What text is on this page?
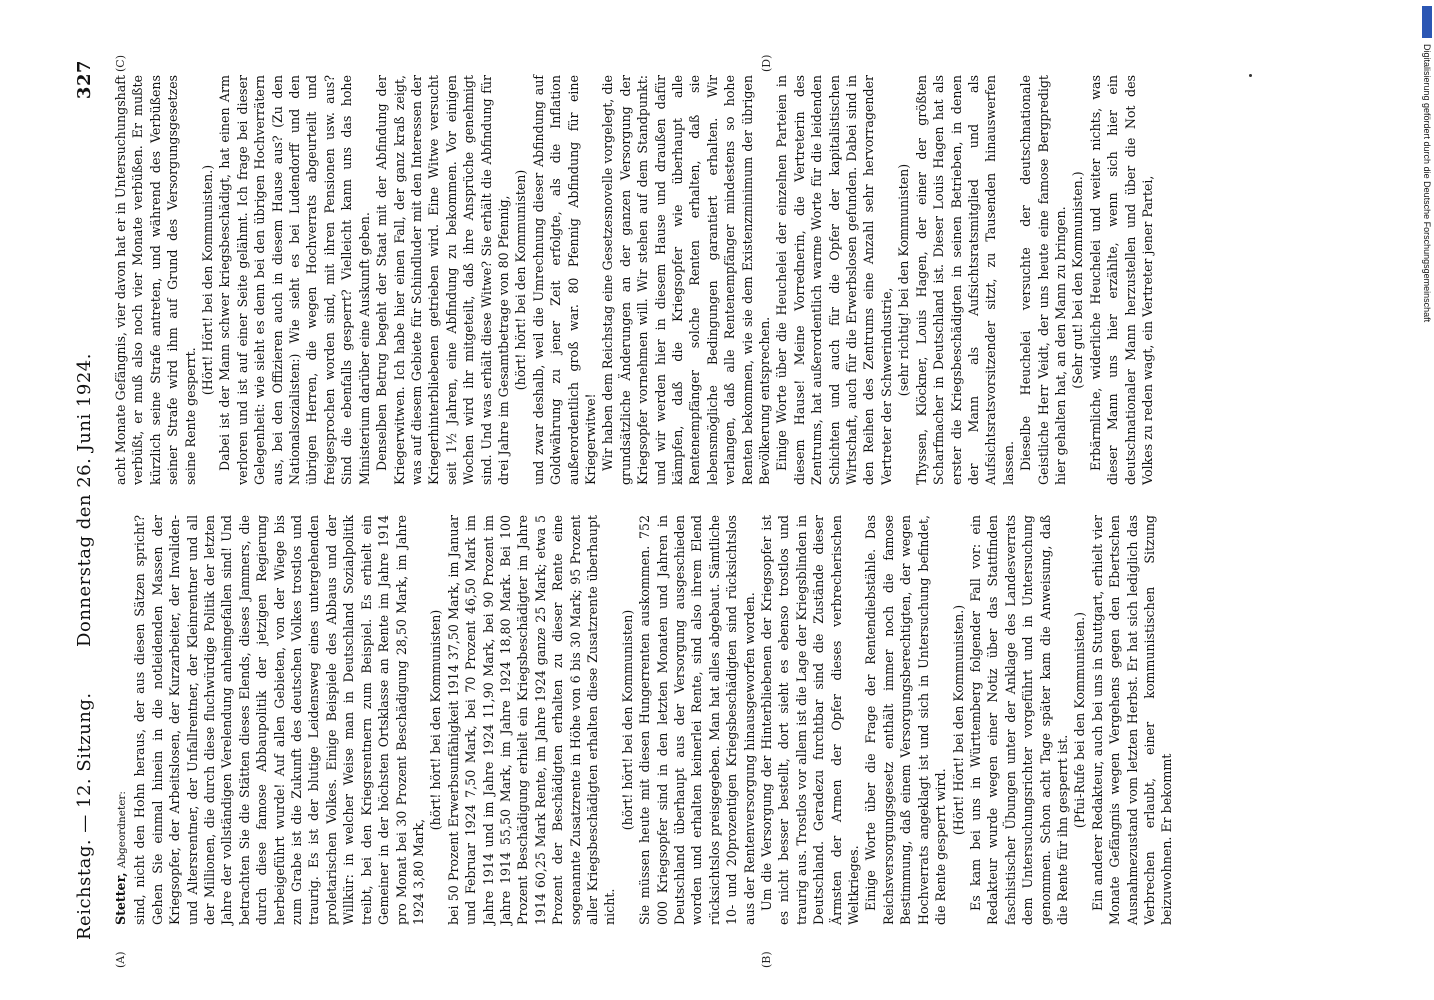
Reichstag. — 12. Sitzung.
Donnerstag den 26. Juni 1924.
327
(A)	(B)
(C)	(D)

Stetter, Abgeordneter: sind, nicht den Hohn heraus, der aus diesen Sätzen spricht? Gehen Sie einmal hinein in die notleidenden Massen der Kriegsopfer, der Arbeitslosen, der Kurzarbeiter, der Invaliden- und Altersrentner, der Unfallrentner, der Kleinrentner und all der Millionen, die durch diese fluchwürdige Politik der letzten Jahre der vollständigen Verelendung anheimgefallen sind! Und betrachten Sie die Stätten dieses Elends, dieses Jammers, die durch diese famose Abbaupolitik der jetzigen Regierung herbeigeführt wurde! Auf allen Gebieten, von der Wiege bis zum Grabe ist die Zukunft des deutschen Volkes trostlos und traurig. Es ist der blutige Leidensweg eines untergehenden proletarischen Volkes. Einige Beispiele des Abbaus und der Willkür: in welcher Weise man in Deutschland Sozialpolitik treibt, bei den Kriegsrentnern zum Beispiel. Es erhielt ein Gemeiner in der höchsten Ortsklasse an Rente im Jahre 1914 pro Monat bei 30 Prozent Beschädigung 28,50 Mark, im Jahre 1924 3,80 Mark,

(hört! hört! bei den Kommunisten) bei 50 Prozent Erwerbsunfähigkeit 1914 37,50 Mark, im Januar und Februar 1924 7,50 Mark, bei 70 Prozent 46,50 Mark im Jahre 1914 und im Jahre 1924 11,90 Mark, bei 90 Prozent im Jahre 1914 55,50 Mark, im Jahre 1924 18,80 Mark. Bei 100 Prozent Beschädigung erhielt ein Kriegsbeschädigter im Jahre 1914 60,25 Mark Rente, im Jahre 1924 ganze 25 Mark; etwa 5 Prozent der Beschädigten erhalten zu dieser Rente eine sogenannte Zusatzrente in Höhe von 6 bis 30 Mark; 95 Prozent aller Kriegsbeschädigten erhalten diese Zusatzrente überhaupt nicht.

(hört! hört! bei den Kommunisten) Sie müssen heute mit diesen Hungerrenten auskommen. 752 000 Kriegsopfer sind in den letzten Monaten und Jahren in Deutschland überhaupt aus der Versorgung ausgeschieden worden und erhalten keinerlei Rente, sind also ihrem Elend rücksichtslos preisgegeben. Man hat alles abgebaut. Sämtliche 10- und 20prozentigen Kriegsbeschädigten sind rücksichtslos aus der Rentenversorgung hinausgeworfen worden. Um die Versorgung der Hinterbliebenen der Kriegsopfer ist es nicht besser bestellt, dort sieht es ebenso trostlos und traurig aus. Trostlos vor allem ist die Lage der Kriegsblinden in Deutschland. Geradezu furchtbar sind die Zustände dieser Ärmsten der Armen der Opfer dieses verbrecherischen Weltkrieges. Einige Worte über die Frage der Rentendiebstähle. Das Reichsversorgungsgesetz enthält immer noch die famose Bestimmung, daß einem Versorgungsberechtigten, der wegen Hochverrats angeklagt ist und sich in Untersuchung befindet, die Rente gesperrt wird.

(Hört! Hört! bei den Kommunisten.) Es kam bei uns in Württemberg folgender Fall vor: ein Redakteur wurde wegen einer Notiz über das Stattfinden faschistischer Übungen unter der Anklage des Landesverrats dem Untersuchungsrichter vorgeführt und in Untersuchung genommen. Schon acht Tage später kam die Anweisung, daß die Rente für ihn gesperrt ist.

(Pfui-Rufe bei den Kommunisten.) Ein anderer Redakteur, auch bei uns in Stuttgart, erhielt vier Monate Gefängnis wegen Vergehens gegen den Ebertschen Ausnahmezustand vom letzten Herbst. Er hat sich lediglich das Verbrechen erlaubt, einer kommunistischen Sitzung beizuwohnen. Er bekommt

acht Monate Gefängnis, vier davon hat er in Untersuchungshaft verbüßt, er muß also noch vier Monate verbüßen. Er mußte kürzlich seine Strafe antreten, und während des Verbüßens seiner Strafe wird ihm auf Grund des Versorgungsgesetzes seine Rente gesperrt.

(Hört! Hört! bei den Kommunisten.) Dabei ist der Mann schwer kriegsbeschädigt, hat einen Arm verloren und ist auf einer Seite gelähmt. Ich frage bei dieser Gelegenheit: wie sieht es denn bei den übrigen Hochverrätern aus, bei den Offizieren auch in diesem Hause aus? (Zu den Nationalsozialisten:) Wie sieht es bei Ludendorff und den übrigen Herren, die wegen Hochverrats abgeurteilt und freigesprochen worden sind, mit ihren Pensionen usw. aus? Sind die ebenfalls gesperrt? Vielleicht kann uns das hohe Ministerium darüber eine Auskunft geben. Denselben Betrug begeht der Staat mit der Abfindung der Kriegerwitwen. Ich habe hier einen Fall, der ganz kraß zeigt, was auf diesem Gebiete für Schindluder mit den Interessen der Kriegerhinterbliebenen getrieben wird. Eine Witwe versucht seit 1½ Jahren, eine Abfindung zu bekommen. Vor einigen Wochen wird ihr mitgeteilt, daß ihre Ansprüche genehmigt sind. Und was erhält diese Witwe? Sie erhält die Abfindung für drei Jahre im Gesamtbetrage von 80 Pfennig, (hört! hört! bei den Kommunisten) und zwar deshalb, weil die Umrechnung dieser Abfindung auf Goldwährung zu jener Zeit erfolgte, als die Inflation außerordentlich groß war. 80 Pfennig Abfindung für eine Kriegerwitwe! Wir haben dem Reichstag eine Gesetzesnovelle vorgelegt, die grundsätzliche Änderungen an der ganzen Versorgung der Kriegsopfer vornehmen will. Wir stehen auf dem Standpunkt: und wir werden hier in diesem Hause und draußen dafür kämpfen, daß die Kriegsopfer wie überhaupt alle Rentenempfänger solche Renten erhalten, daß sie lebensmögliche Bedingungen garantiert erhalten. Wir verlangen, daß alle Rentenempfänger mindestens so hohe Renten bekommen, wie sie dem Existenzminimum der übrigen Bevölkerung entsprechen. Einige Worte über die Heuchelei der einzelnen Parteien in diesem Hause! Meine Vorrednerin, die Vertreterin des Zentrums, hat außerordentlich warme Worte für die leidenden Schichten und auch für die Opfer der kapitalistischen Wirtschaft, auch für die Erwerbslosen gefunden. Dabei sind in den Reihen des Zentrums eine Anzahl sehr hervorragender Vertreter der Schwerindustrie, (sehr richtig! bei den Kommunisten) Thyssen, Klöckner, Louis Hagen, der einer der größten Scharfmacher in Deutschland ist. Dieser Louis Hagen hat als erster die Kriegsbeschädigten in seinen Betrieben, in denen der Mann als Aufsichtsratsmitglied und als Aufsichtsratsvorsitzender sitzt, zu Tausenden hinauswerfen lassen. Dieselbe Heuchelei versuchte der deutschnationale Geistliche Herr Veidt, der uns heute eine famose Bergpredigt hier gehalten hat, an den Mann zu bringen. (Sehr gut! bei den Kommunisten.) Erbärmliche, widerliche Heuchelei und weiter nichts, was dieser Mann uns hier erzählte, wenn sich hier ein deutschnationaler Mann herzustellen und über die Not des Volkes zu reden wagt, ein Vertreter jener Partei,	Digitalisierung gefördert durch die Deutsche Forschungsgemeinschaft
